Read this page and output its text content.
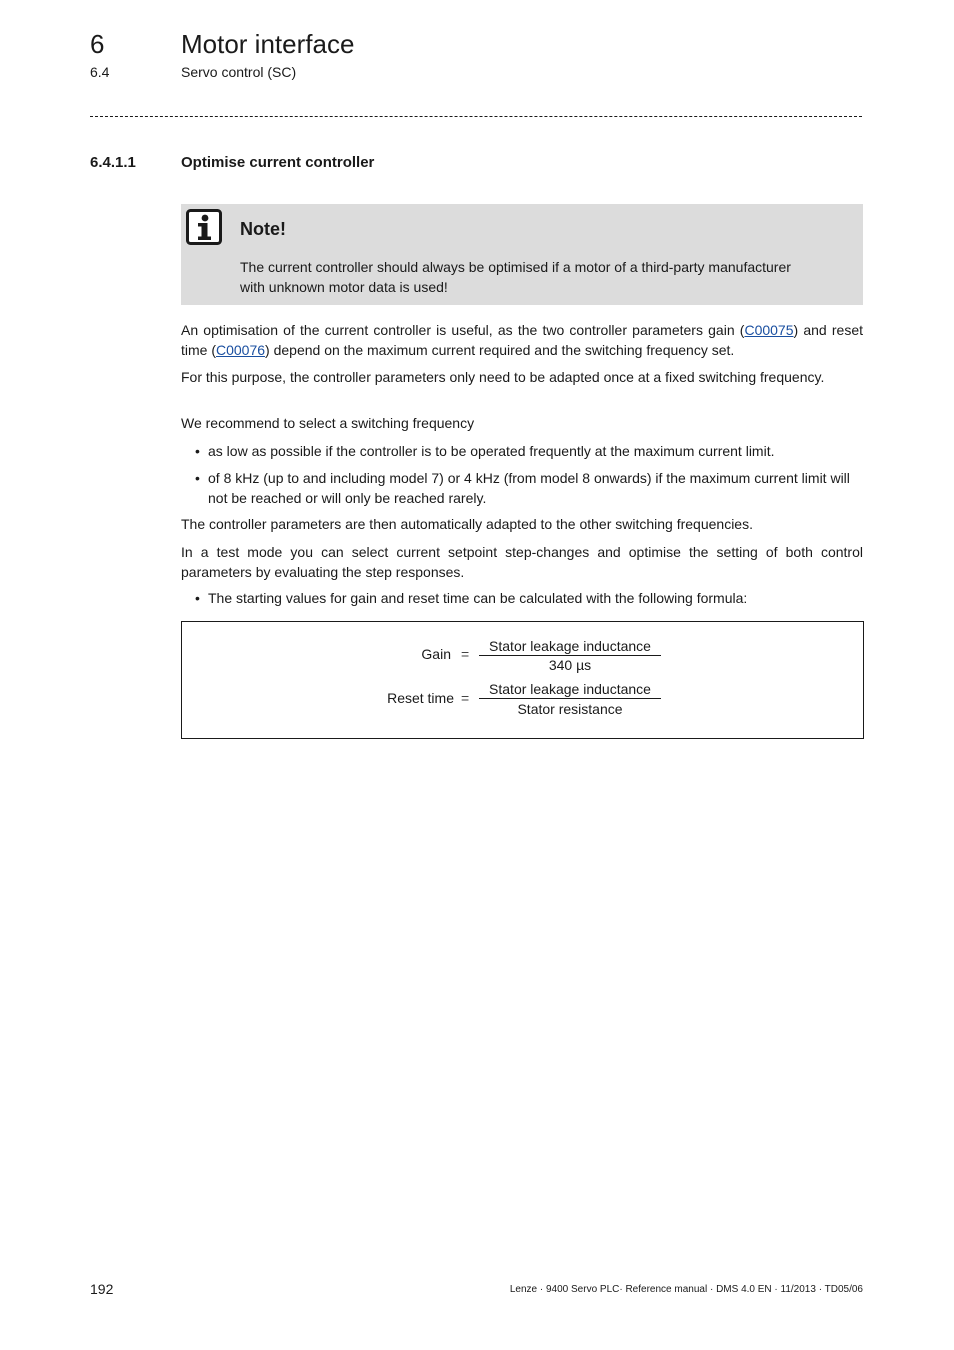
6	Motor interface
6.4	Servo control (SC)
6.4.1.1	Optimise current controller
Note!
The current controller should always be optimised if a motor of a third-party manufacturer with unknown motor data is used!
An optimisation of the current controller is useful, as the two controller parameters gain (C00075) and reset time (C00076) depend on the maximum current required and the switching frequency set.
For this purpose, the controller parameters only need to be adapted once at a fixed switching frequency.
We recommend to select a switching frequency
• as low as possible if the controller is to be operated frequently at the maximum current limit.
• of 8 kHz (up to and including model 7) or 4 kHz (from model 8 onwards) if the maximum current limit will not be reached or will only be reached rarely.
The controller parameters are then automatically adapted to the other switching frequencies.
In a test mode you can select current setpoint step-changes and optimise the setting of both control parameters by evaluating the step responses.
• The starting values for gain and reset time can be calculated with the following formula:
Gain =	Stator leakage inductance
340 µs
Reset time =
Stator leakage inductance
Stator resistance
192	Lenze · 9400 Servo PLC· Reference manual · DMS 4.0 EN · 11/2013 · TD05/06
